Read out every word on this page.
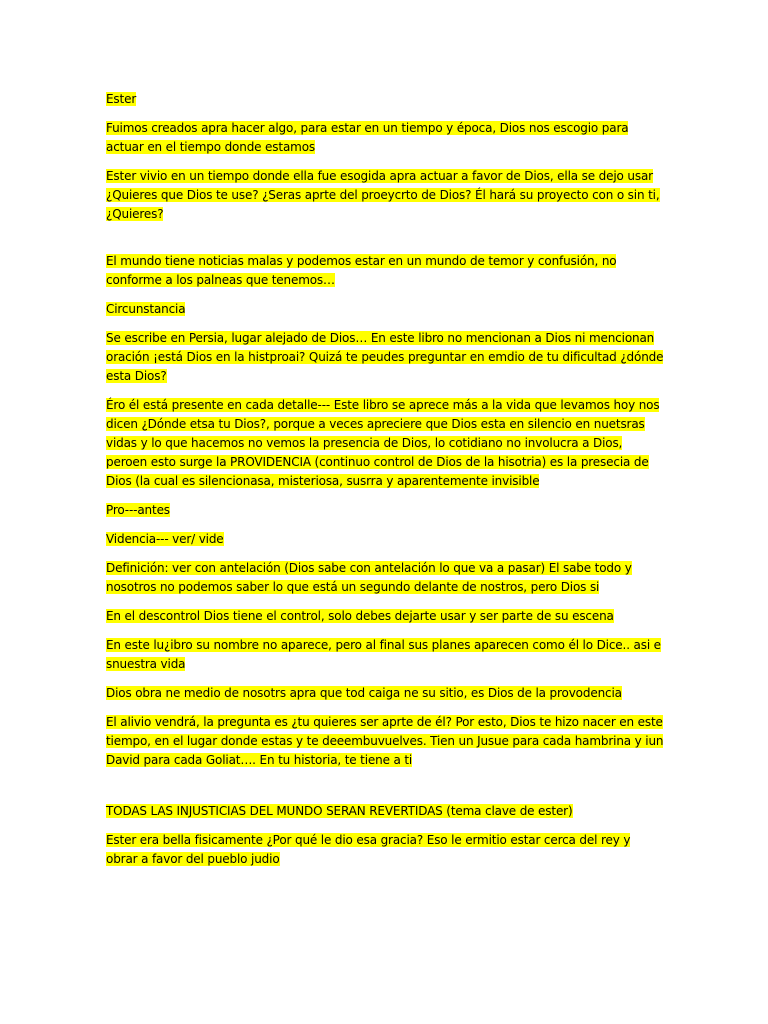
Ester

Fuimos creados apra hacer algo, para estar en un tiempo y época, Dios nos escogio para actuar en el tiempo donde estamos

Ester vivio en un tiempo donde ella fue esogida apra actuar a favor de Dios, ella se dejo usar ¿Quieres que Dios te use? ¿Seras aprte del proeycrto de Dios? Él hará su proyecto con o sin ti, ¿Quieres?

El mundo tiene noticias malas y podemos estar en un mundo de temor y confusión, no conforme a los palneas que tenemos…

Circunstancia

Se escribe en Persia, lugar alejado de Dios… En este libro no mencionan a Dios ni mencionan oración ¡está Dios en la histproai? Quizá te peudes preguntar en emdio de tu dificultad ¿dónde esta Dios?

Éro él está presente en cada detalle--- Este libro se aprece más a la vida que levamos hoy nos dicen ¿Dónde etsa tu Dios?, porque a veces apreciere que Dios esta en silencio en nuetsras vidas y lo que hacemos no vemos la presencia de Dios, lo cotidiano no involucra a Dios, peroen esto surge la PROVIDENCIA (continuo control de Dios de la hisotria) es la presecia de Dios (la cual es silencionasa, misteriosa, susrra y aparentemente invisible

Pro---antes

Videncia--- ver/ vide

Definición: ver con antelación (Dios sabe con antelación lo que va a pasar) El sabe todo y nosotros no podemos saber lo que está un segundo delante de nostros, pero Dios si

En el descontrol Dios tiene el control, solo debes dejarte usar y ser parte de su escena

En este lu¿ibro su nombre no aparece, pero al final sus planes aparecen como él lo Dice.. asi e snuestra vida

Dios obra ne medio de nosotrs apra que tod caiga ne su sitio, es Dios de la provodencia

El alivio vendrá, la pregunta es ¿tu quieres ser aprte de él? Por esto, Dios te hizo nacer en este tiempo, en el lugar donde estas y te deeembuvuelves. Tien un Jusue para cada hambrina y iun David para cada Goliat…. En tu historia, te tiene a ti

TODAS LAS INJUSTICIAS DEL MUNDO SERAN REVERTIDAS (tema clave de ester)

Ester era bella fisicamente ¿Por qué le dio esa gracia? Eso le ermitio estar cerca del rey y obrar a favor del pueblo judio
